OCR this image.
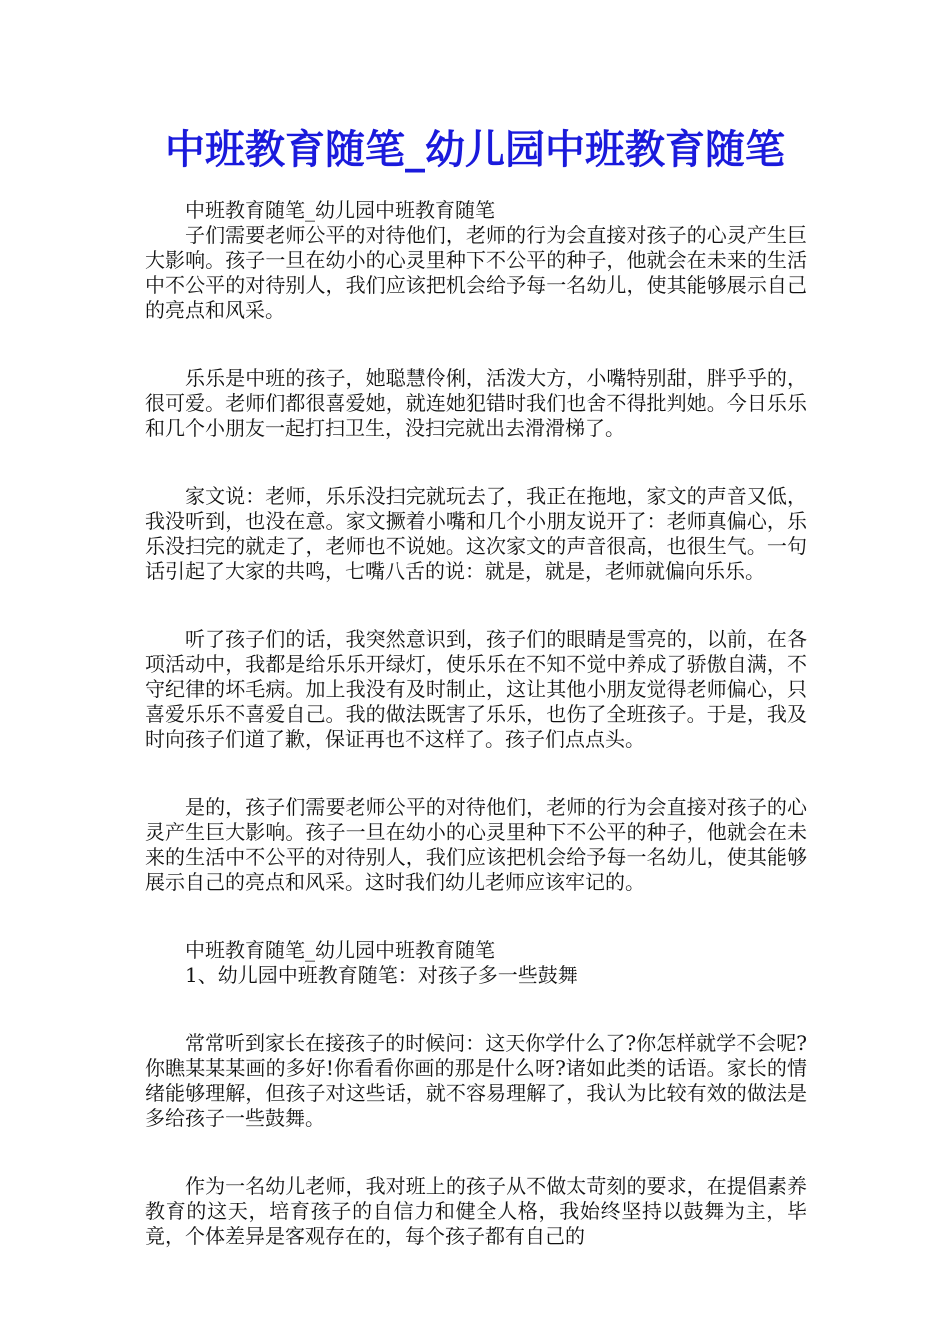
中班教育随笔_幼儿园中班教育随笔

中班教育随笔_幼儿园中班教育随笔

子们需要老师公平的对待他们，老师的行为会直接对孩子的心灵产生巨大影响。孩子一旦在幼小的心灵里种下不公平的种子，他就会在未来的生活中不公平的对待别人，我们应该把机会给予每一名幼儿，使其能够展示自己的亮点和风采。

乐乐是中班的孩子，她聪慧伶俐，活泼大方，小嘴特别甜，胖乎乎的，很可爱。老师们都很喜爱她，就连她犯错时我们也舍不得批判她。今日乐乐和几个小朋友一起打扫卫生，没扫完就出去滑滑梯了。

家文说：老师，乐乐没扫完就玩去了，我正在拖地，家文的声音又低，我没听到，也没在意。家文撅着小嘴和几个小朋友说开了：老师真偏心，乐乐没扫完的就走了，老师也不说她。这次家文的声音很高，也很生气。一句话引起了大家的共鸣，七嘴八舌的说：就是，就是，老师就偏向乐乐。

听了孩子们的话，我突然意识到，孩子们的眼睛是雪亮的，以前，在各项活动中，我都是给乐乐开绿灯，使乐乐在不知不觉中养成了骄傲自满，不守纪律的坏毛病。加上我没有及时制止，这让其他小朋友觉得老师偏心，只喜爱乐乐不喜爱自己。我的做法既害了乐乐，也伤了全班孩子。于是，我及时向孩子们道了歉，保证再也不这样了。孩子们点点头。

是的，孩子们需要老师公平的对待他们，老师的行为会直接对孩子的心灵产生巨大影响。孩子一旦在幼小的心灵里种下不公平的种子，他就会在未来的生活中不公平的对待别人，我们应该把机会给予每一名幼儿，使其能够展示自己的亮点和风采。这时我们幼儿老师应该牢记的。

中班教育随笔_幼儿园中班教育随笔

1、幼儿园中班教育随笔：对孩子多一些鼓舞

常常听到家长在接孩子的时候问：这天你学什么了?你怎样就学不会呢?你瞧某某某画的多好!你看看你画的那是什么呀?诸如此类的话语。家长的情绪能够理解，但孩子对这些话，就不容易理解了，我认为比较有效的做法是多给孩子一些鼓舞。

作为一名幼儿老师，我对班上的孩子从不做太苛刻的要求，在提倡素养教育的这天，培育孩子的自信力和健全人格，我始终坚持以鼓舞为主，毕竟，个体差异是客观存在的，每个孩子都有自己的
